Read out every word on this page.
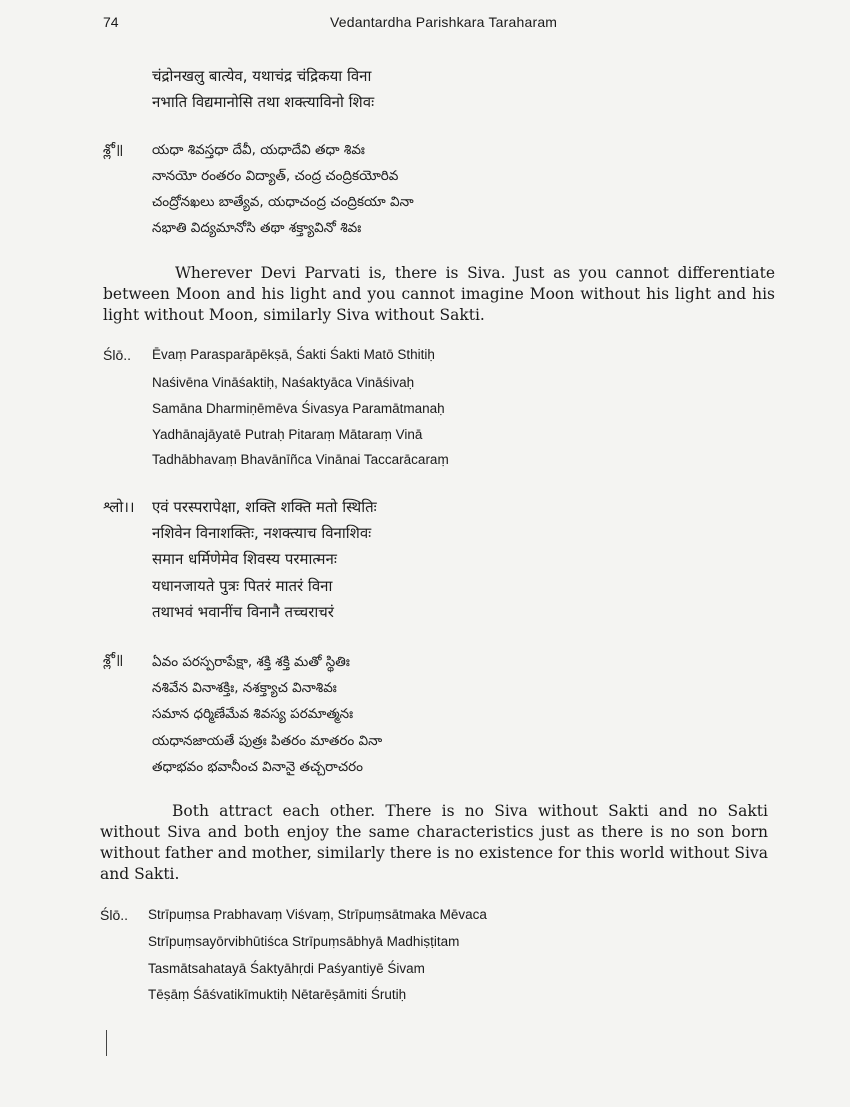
74	Vedantardha Parishkara Taraharam
चंद्रोनखलु बात्येव, यथाचंद्र चंद्रिकया विना
नभाति विद्यमानोसि तथा शक्त्याविनो शिवः
శ్లో॥ యధా శివస్తధా దేవీ, యధాదేవి తధా శివః
నానయో రంతరం విద్యాత్, చంద్ర చంద్రికయోరివ
చంద్రోనఖలు బాత్యేవ, యధాచంద్ర చంద్రికయా వినా
నభాతి విద్యమానోసి తథా శక్త్యావినో శివః
Wherever Devi Parvati is, there is Siva. Just as you cannot differentiate between Moon and his light and you cannot imagine Moon without his light and his light without Moon, similarly Siva without Sakti.
Ślō.. Ēvaṃ Parasparāpēkṣā, Śakti Śakti Matō Sthitiḥ
Naśivēna Vināśaktiḥ, Naśaktyāca Vināśivaḥ
Samāna Dharmiṇēmēva Śivasya Paramātmanaḥ
Yadhānajāyatē Putraḥ Pitaraṃ Mātaraṃ Vinā
Tadhābhavaṃ Bhavānīñca Vinānai Taccarācaraṃ
श्लो।। एवं परस्परापेक्षा, शक्ति शक्ति मतो स्थितिः
नशिवेन विनाशक्तिः, नशक्त्याच विनाशिवः
समान धर्मिणेमेव शिवस्य परमात्मनः
यधानजायते पुत्रः पितरं मातरं विना
तथाभवं भवानींच विनानै तच्चराचरं
శ్లో॥ ఏవం పరస్పరాపేక్షా, శక్తి శక్తి మతో స్థితిః
నశివేన వినాశక్తిః, నశక్త్యాచ వినాశివః
సమాన ధర్మిణేమేవ శివస్య పరమాత్మనః
యధానజాయతే పుత్రః పితరం మాతరం వినా
తధాభవం భవానీంచ వినానై తచ్చరాచరం
Both attract each other. There is no Siva without Sakti and no Sakti without Siva and both enjoy the same characteristics just as there is no son born without father and mother, similarly there is no existence for this world without Siva and Sakti.
Ślō.. Strīpuṃsa Prabhavaṃ Viśvaṃ, Strīpuṃsātmaka Mēvaca
Strīpuṃsayōrvibhūtiśca Strīpuṃsābhyā Madhiṣṭitam
Tasmātsahatayā Śaktyāhṛdi Paśyantiyē Śivam
Tēṣāṃ Śāśvatikīmuktiḥ Nētarēṣāmiti Śrutiḥ
